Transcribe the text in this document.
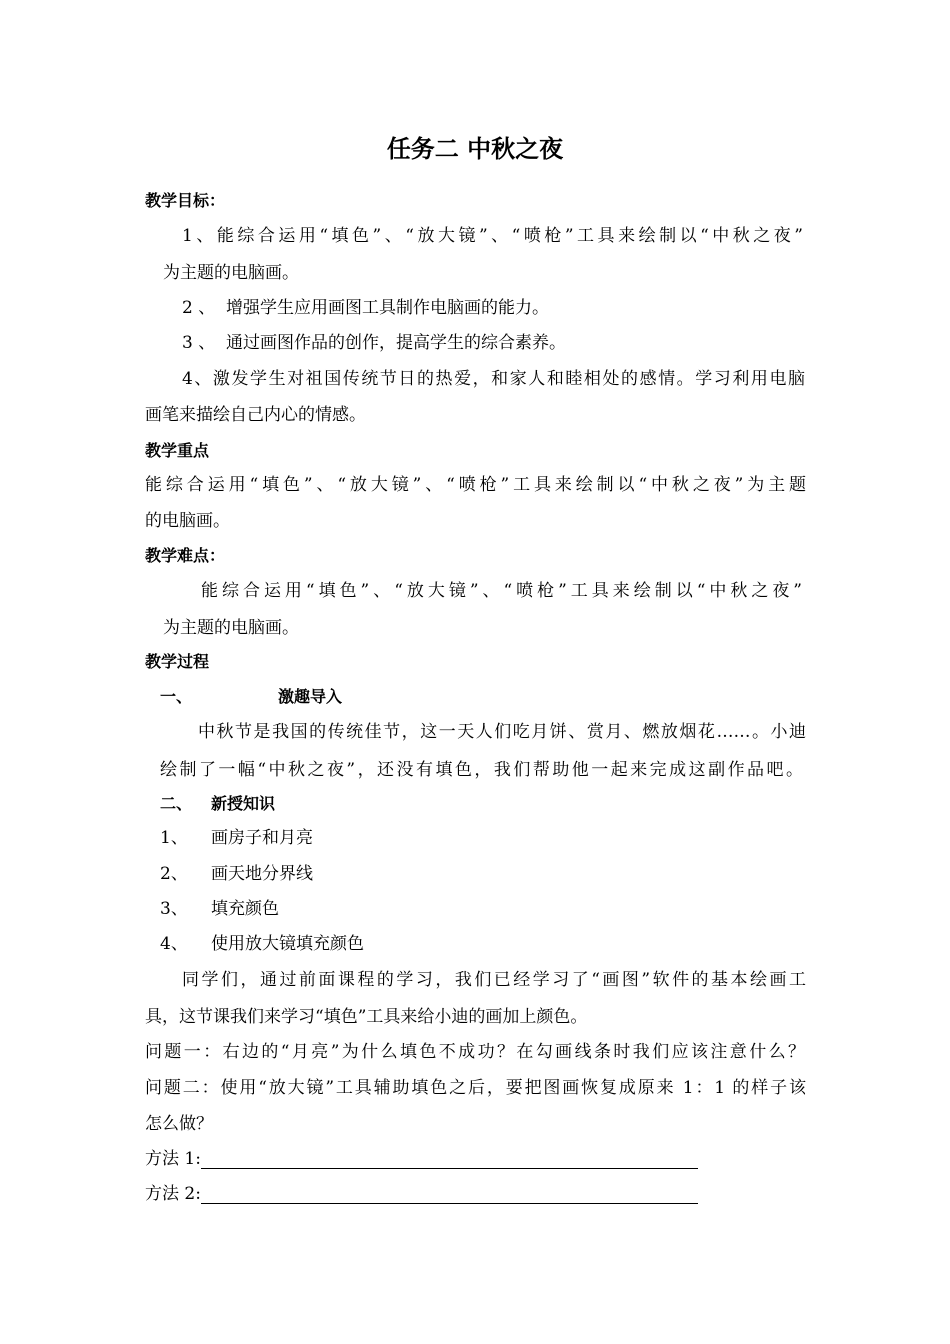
任务二 中秋之夜
教学目标：
1、能综合运用“填色”、“放大镜”、“喷枪”工具来绘制以“中秋之夜”
为主题的电脑画。
2 、 增强学生应用画图工具制作电脑画的能力。
3 、 通过画图作品的创作，提高学生的综合素养。
4、激发学生对祖国传统节日的热爱，和家人和睦相处的感情。学习利用电脑
画笔来描绘自己内心的情感。
教学重点
能综合运用“填色”、“放大镜”、“喷枪”工具来绘制以“中秋之夜”为主题
的电脑画。
教学难点：
能综合运用“填色”、“放大镜”、“喷枪”工具来绘制以“中秋之夜”
为主题的电脑画。
教学过程
一、	激趣导入
中秋节是我国的传统佳节，这一天人们吃月饼、赏月、燃放烟花……。小迪
绘制了一幅“中秋之夜”，还没有填色，我们帮助他一起来完成这副作品吧。
二、 新授知识
1、 画房子和月亮
2、 画天地分界线
3、 填充颜色
4、 使用放大镜填充颜色
同学们，通过前面课程的学习，我们已经学习了“画图”软件的基本绘画工
具，这节课我们来学习“填色”工具来给小迪的画加上颜色。
问题一：右边的“月亮”为什么填色不成功？在勾画线条时我们应该注意什么？
问题二：使用“放大镜”工具辅助填色之后，要把图画恢复成原来 1：1 的样子该
怎么做？
方法 1:
方法 2:
